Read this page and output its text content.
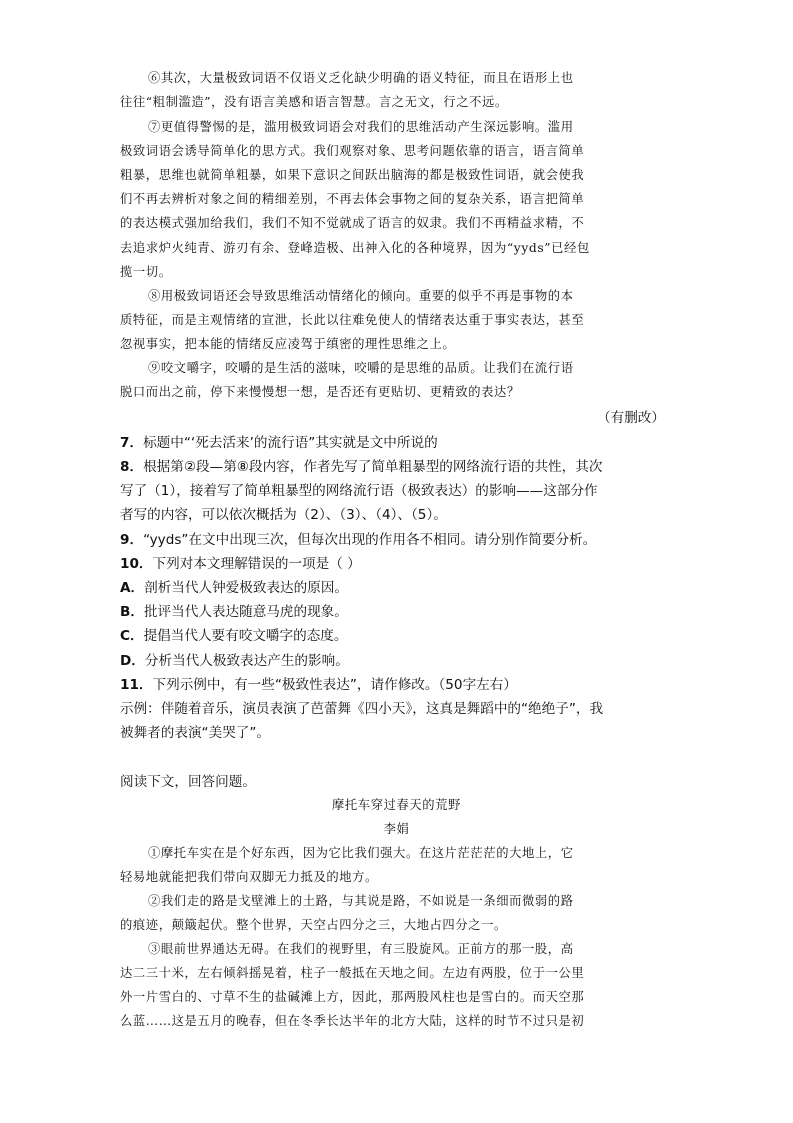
⑥其次，大量极致词语不仅语义乏化缺少明确的语义特征，而且在语形上也
往往“粗制滥造”，没有语言美感和语言智慧。言之无文，行之不远。
⑦更值得警惕的是，滥用极致词语会对我们的思维活动产生深远影响。滥用
极致词语会诱导简单化的思方式。我们观察对象、思考问题依靠的语言，语言简单
粗暴，思维也就简单粗暴，如果下意识之间跃出脑海的都是极致性词语，就会使我
们不再去辨析对象之间的精细差别，不再去体会事物之间的复杂关系，语言把简单
的表达模式强加给我们，我们不知不觉就成了语言的奴隶。我们不再精益求精，不
去追求炉火纯青、游刃有余、登峰造极、出神入化的各种境界，因为“yyds”已经包
揽一切。
⑧用极致词语还会导致思维活动情绪化的倾向。重要的似乎不再是事物的本
质特征，而是主观情绪的宣泄，长此以往难免使人的情绪表达重于事实表达，甚至
忽视事实，把本能的情绪反应凌驾于缜密的理性思维之上。
⑨咬文嚼字，咬嚼的是生活的滋味，咬嚼的是思维的品质。让我们在流行语
脱口而出之前，停下来慢慢想一想，是否还有更贴切、更精致的表达？
（有删改）
7．标题中“‘死去活来’的流行语”其实就是文中所说的
8．根据第②段—第⑧段内容，作者先写了简单粗暴型的网络流行语的共性，其次
写了（1），接着写了简单粗暴型的网络流行语（极致表达）的影响——这部分作
者写的内容，可以依次概括为（2）、（3）、（4）、（5）。
9．“yyds”在文中出现三次，但每次出现的作用各不相同。请分别作简要分析。
10．下列对本文理解错误的一项是（ ）
A．剖析当代人钟爱极致表达的原因。
B．批评当代人表达随意马虎的现象。
C．提倡当代人要有咬文嚼字的态度。
D．分析当代人极致表达产生的影响。
11．下列示例中，有一些“极致性表达”，请作修改。（50字左右）
示例：伴随着音乐，演员表演了芭蕾舞《四小天》，这真是舞蹈中的“绝绝子”，我
被舞者的表演“美哭了”。
阅读下文，回答问题。
摩托车穿过春天的荒野
李娟
①摩托车实在是个好东西，因为它比我们强大。在这片茫茫茫的大地上，它
轻易地就能把我们带向双脚无力抵及的地方。
②我们走的路是戈壁滩上的土路，与其说是路，不如说是一条细而微弱的路
的痕迹，颠簸起伏。整个世界，天空占四分之三，大地占四分之一。
③眼前世界通达无碍。在我们的视野里，有三股旋风。正前方的那一股，高
达二三十米，左右倾斜摇晃着，柱子一般抵在天地之间。左边有两股，位于一公里
外一片雪白的、寸草不生的盐碱滩上方，因此，那两股风柱也是雪白的。而天空那
么蓝……这是五月的晚春，但在冬季长达半年的北方大陆，这样的时节不过只是初
